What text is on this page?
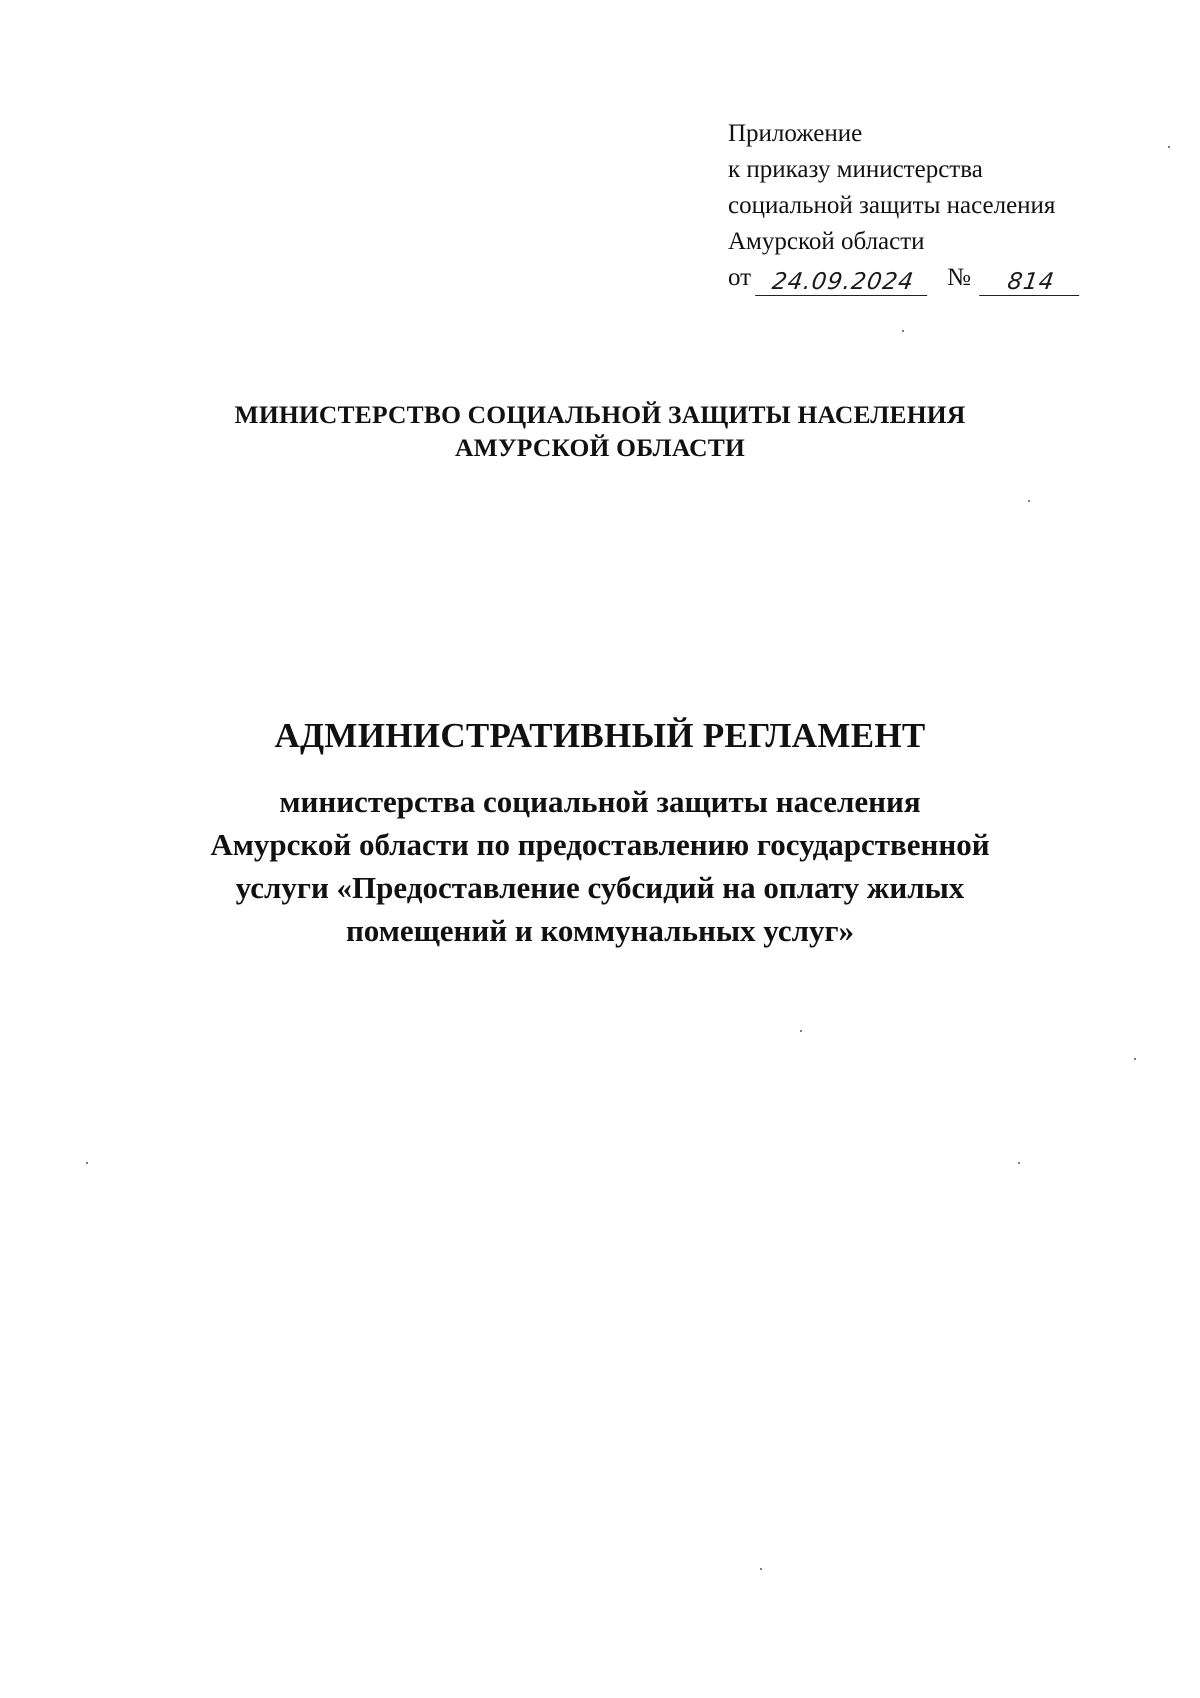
Приложение
к приказу министерства
социальной защиты населения
Амурской области
от 24.09.2024	№	814
МИНИСТЕРСТВО СОЦИАЛЬНОЙ ЗАЩИТЫ НАСЕЛЕНИЯ
АМУРСКОЙ ОБЛАСТИ
АДМИНИСТРАТИВНЫЙ РЕГЛАМЕНТ
министерства социальной защиты населения
Амурской области по предоставлению государственной
услуги «Предоставление субсидий на оплату жилых
помещений и коммунальных услуг»
